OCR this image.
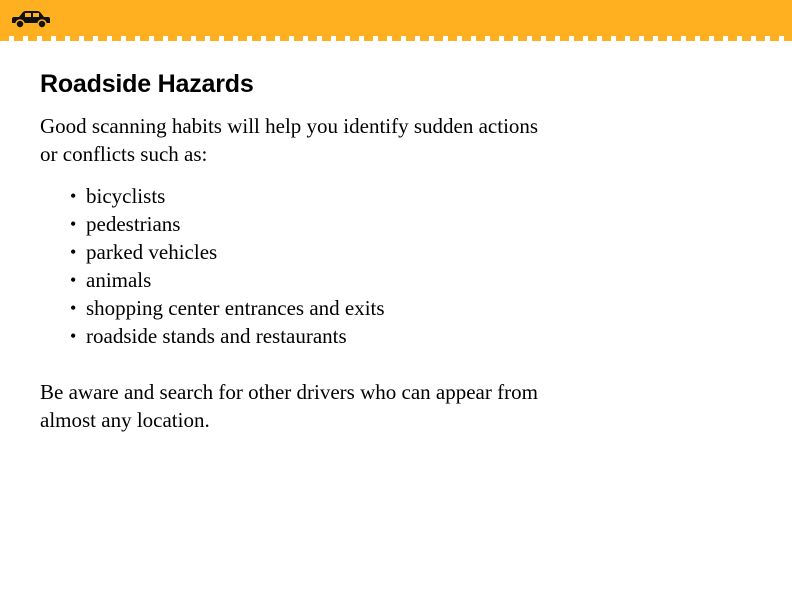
Roadside Hazards

Good scanning habits will help you identify sudden actions
or conflicts such as:

• bicyclists
• pedestrians
• parked vehicles
• animals
• shopping center entrances and exits
• roadside stands and restaurants

Be aware and search for other drivers who can appear from
almost any location.
